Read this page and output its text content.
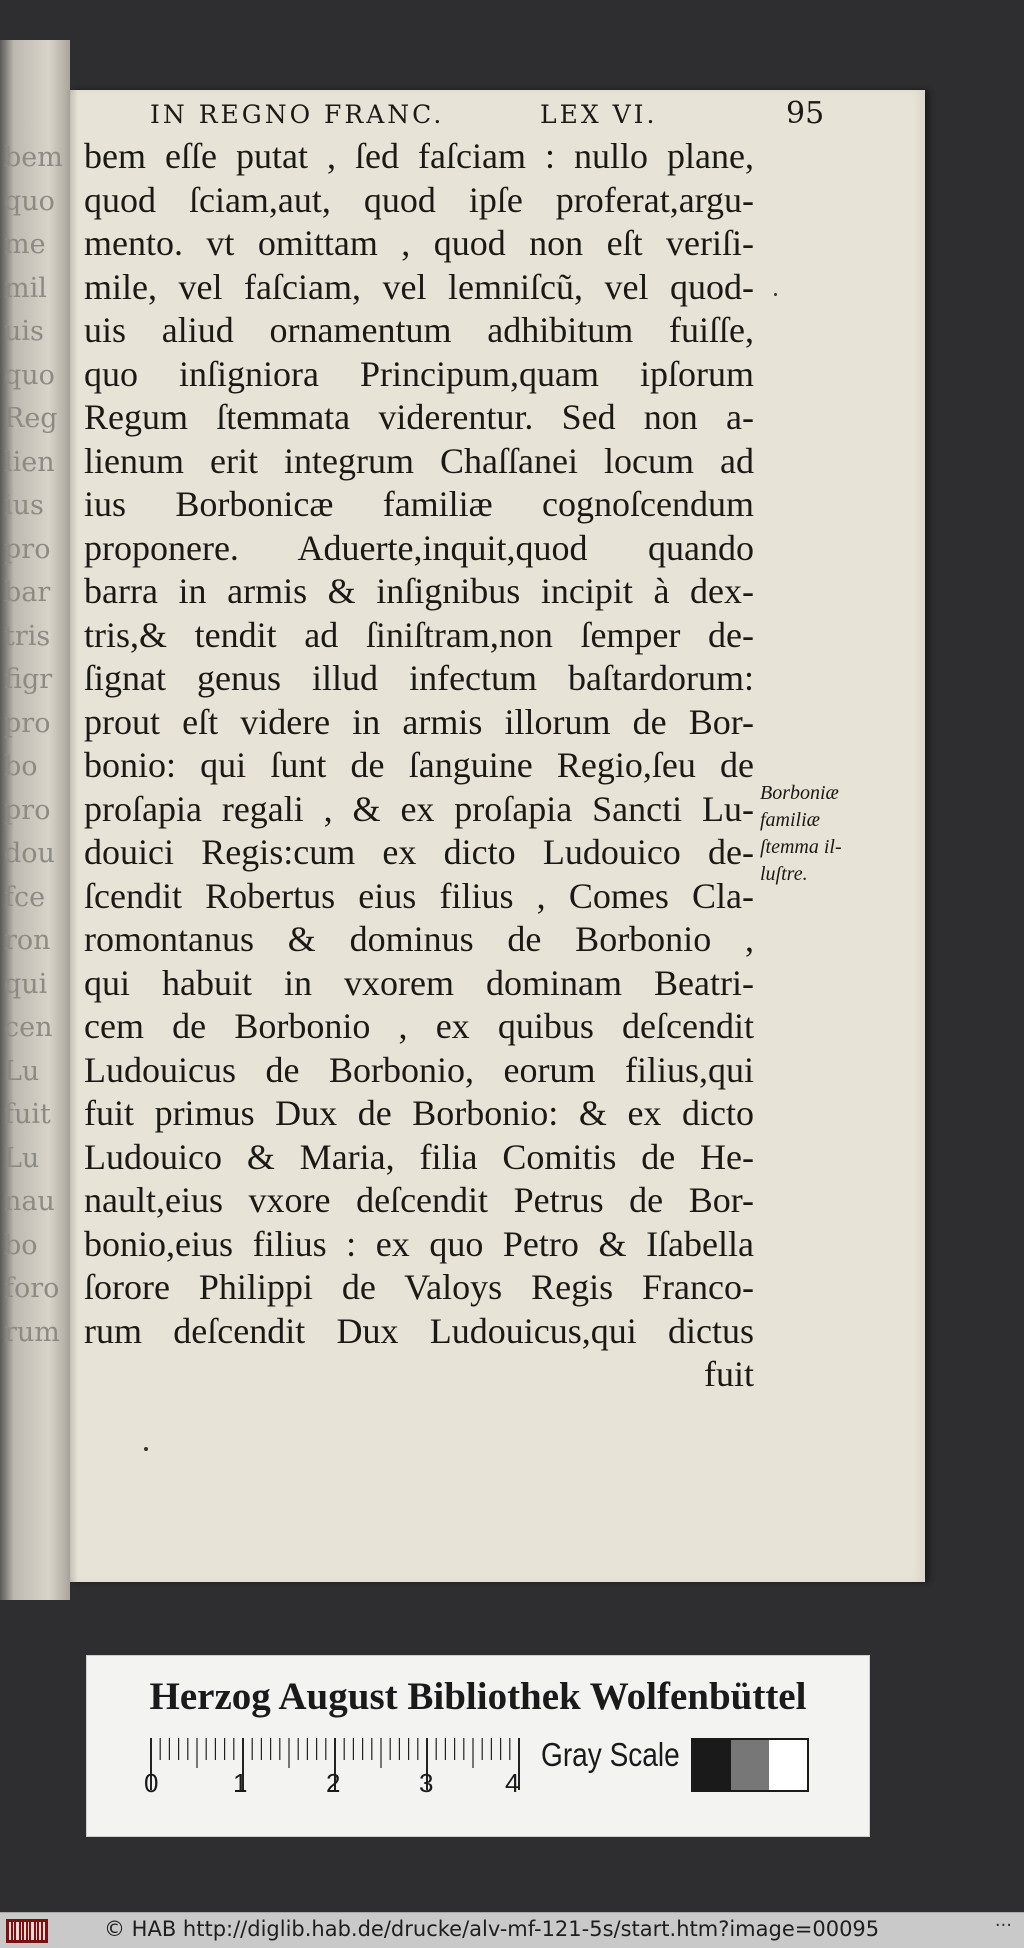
bem
quo
me
mil
uis
quo
Reg
lien
ius
pro
bar
tris
figr
pro
bo
pro
dou
fce
ron
qui
cen
Lu
fuit
Lu
nau
bo
foro
rum
IN REGNO FRANC.	LEX VI.	95
bem eſſe putat , ſed faſciam : nullo plane,
quod ſciam,aut, quod ipſe proferat,argu-
mento. vt omittam , quod non eſt veriſi-
mile, vel faſciam, vel lemniſcũ, vel quod-
uis aliud ornamentum adhibitum fuiſſe,
quo inſigniora Principum,quam ipſorum
Regum ſtemmata viderentur. Sed non a-
lienum erit integrum Chaſſanei locum ad
ius Borbonicæ familiæ cognoſcendum
proponere. Aduerte,inquit,quod quando
barra in armis & inſignibus incipit à dex-
tris,& tendit ad ſiniſtram,non ſemper de-
ſignat genus illud infectum baſtardorum:
prout eſt videre in armis illorum de Bor-
bonio: qui ſunt de ſanguine Regio,ſeu de
proſapia regali , & ex proſapia Sancti Lu-
douici Regis:cum ex dicto Ludouico de-
ſcendit Robertus eius filius , Comes Cla-
romontanus & dominus de Borbonio ,
qui habuit in vxorem dominam Beatri-
cem de Borbonio , ex quibus deſcendit
Ludouicus de Borbonio, eorum filius,qui
fuit primus Dux de Borbonio: & ex dicto
Ludouico & Maria, filia Comitis de He-
nault,eius vxore deſcendit Petrus de Bor-
bonio,eius filius : ex quo Petro & Iſabella
ſorore Philippi de Valoys Regis Franco-
rum deſcendit Dux Ludouicus,qui dictus
fuit
Borboniæ
familiæ
ſtemma il-
luſtre.
Herzog August Bibliothek Wolfenbüttel
0	1	2	3	4
Gray Scale
© HAB http://diglib.hab.de/drucke/alv-mf-121-5s/start.htm?image=00095	···
